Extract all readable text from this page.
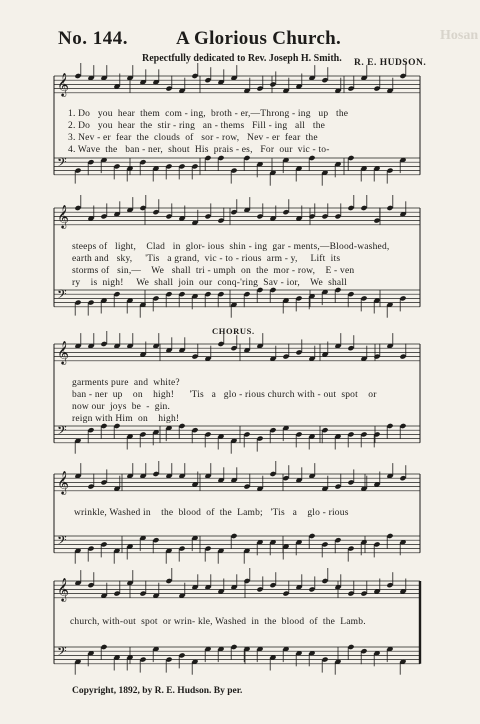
No. 144.	A Glorious Church.	Hosan
Repectfully dedicated to Rev. Joseph H. Smith. R. E. HUDSON.
𝄞
𝄢
𝄞
𝄢
𝄞
𝄢
𝄞
𝄢
𝄞
𝄢
1. Do   you  hear  them  com - ing,  broth - er,—Throng - ing   up   the
2. Do   you  hear  the  stir - ring   an - thems   Fill - ing   all   the
3. Nev - er  fear  the  clouds  of   sor - row,   Nev - er  fear  the
4. Wave  the   ban - ner,  shout  His  prais - es,   For  our  vic - to-
steeps of   light,    Clad   in  glor- ious  shin - ing  gar - ments,—Blood-washed,
earth and   sky,     'Tis   a grand,  vic - to - rious  arm - y,     Lift  its
storms of   sin,—    We   shall  tri - umph  on  the  mor - row,    E - ven
ry    is  nigh!     We  shall  join  our  conq-'ring  Sav - ior,    We  shall
garments pure  and  white?
ban - ner  up    on    high!      'Tis   a   glo - rious church with - out  spot    or
now our  joys  be  -  gin.
reign with Him  on    high!
wrinkle, Washed in    the  blood  of  the  Lamb;   'Tis   a    glo - rious
church, with-out  spot  or wrin- kle, Washed  in  the  blood  of  the  Lamb.
CHORUS.
Copyright, 1892, by R. E. Hudson. By per.
